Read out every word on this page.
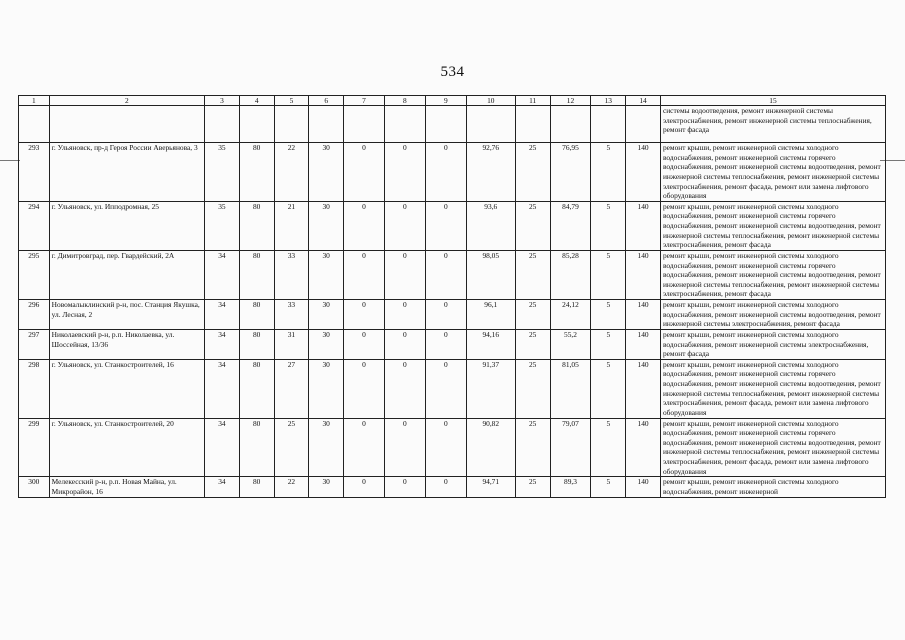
534
1	2	3	4	5	6	7	8	9	10	11	12	13	14	15
														системы водоотведения, ремонт инженерной системы электроснабжения, ремонт инженерной системы теплоснабжения, ремонт фасада
293	г. Ульяновск, пр-д Героя России Аверьянова, 3	35	80	22	30	0	0	0	92,76	25	76,95	5	140	ремонт крыши, ремонт инженерной системы холодного водоснабжения, ремонт инженерной системы горячего водоснабжения, ремонт инженерной системы водоотведения, ремонт инженерной системы теплоснабжения, ремонт инженерной системы электроснабжения, ремонт фасада, ремонт или замена лифтового оборудования
294	г. Ульяновск, ул. Ипподромная, 25	35	80	21	30	0	0	0	93,6	25	84,79	5	140	ремонт крыши, ремонт инженерной системы холодного водоснабжения, ремонт инженерной системы горячего водоснабжения, ремонт инженерной системы водоотведения, ремонт инженерной системы теплоснабжения, ремонт инженерной системы электроснабжения, ремонт фасада
295	г. Димитровград, пер. Гвардейский, 2А	34	80	33	30	0	0	0	98,05	25	85,28	5	140	ремонт крыши, ремонт инженерной системы холодного водоснабжения, ремонт инженерной системы горячего водоснабжения, ремонт инженерной системы водоотведения, ремонт инженерной системы теплоснабжения, ремонт инженерной системы электроснабжения, ремонт фасада
296	Новомалыклинский р-н, пос. Станция Якушка, ул. Лесная, 2	34	80	33	30	0	0	0	96,1	25	24,12	5	140	ремонт крыши, ремонт инженерной системы холодного водоснабжения, ремонт инженерной системы водоотведения, ремонт инженерной системы электроснабжения, ремонт фасада
297	Николаевский р-н, р.п. Николаевка, ул. Шоссейная, 13/36	34	80	31	30	0	0	0	94,16	25	55,2	5	140	ремонт крыши, ремонт инженерной системы холодного водоснабжения, ремонт инженерной системы электроснабжения, ремонт фасада
298	г. Ульяновск, ул. Станкостроителей, 16	34	80	27	30	0	0	0	91,37	25	81,05	5	140	ремонт крыши, ремонт инженерной системы холодного водоснабжения, ремонт инженерной системы горячего водоснабжения, ремонт инженерной системы водоотведения, ремонт инженерной системы теплоснабжения, ремонт инженерной системы электроснабжения, ремонт фасада, ремонт или замена лифтового оборудования
299	г. Ульяновск, ул. Станкостроителей, 20	34	80	25	30	0	0	0	90,82	25	79,07	5	140	ремонт крыши, ремонт инженерной системы холодного водоснабжения, ремонт инженерной системы горячего водоснабжения, ремонт инженерной системы водоотведения, ремонт инженерной системы теплоснабжения, ремонт инженерной системы электроснабжения, ремонт фасада, ремонт или замена лифтового оборудования
300	Мелекесский р-н, р.п. Новая Майна, ул. Микрорайон, 16	34	80	22	30	0	0	0	94,71	25	89,3	5	140	ремонт крыши, ремонт инженерной системы холодного водоснабжения, ремонт инженерной
